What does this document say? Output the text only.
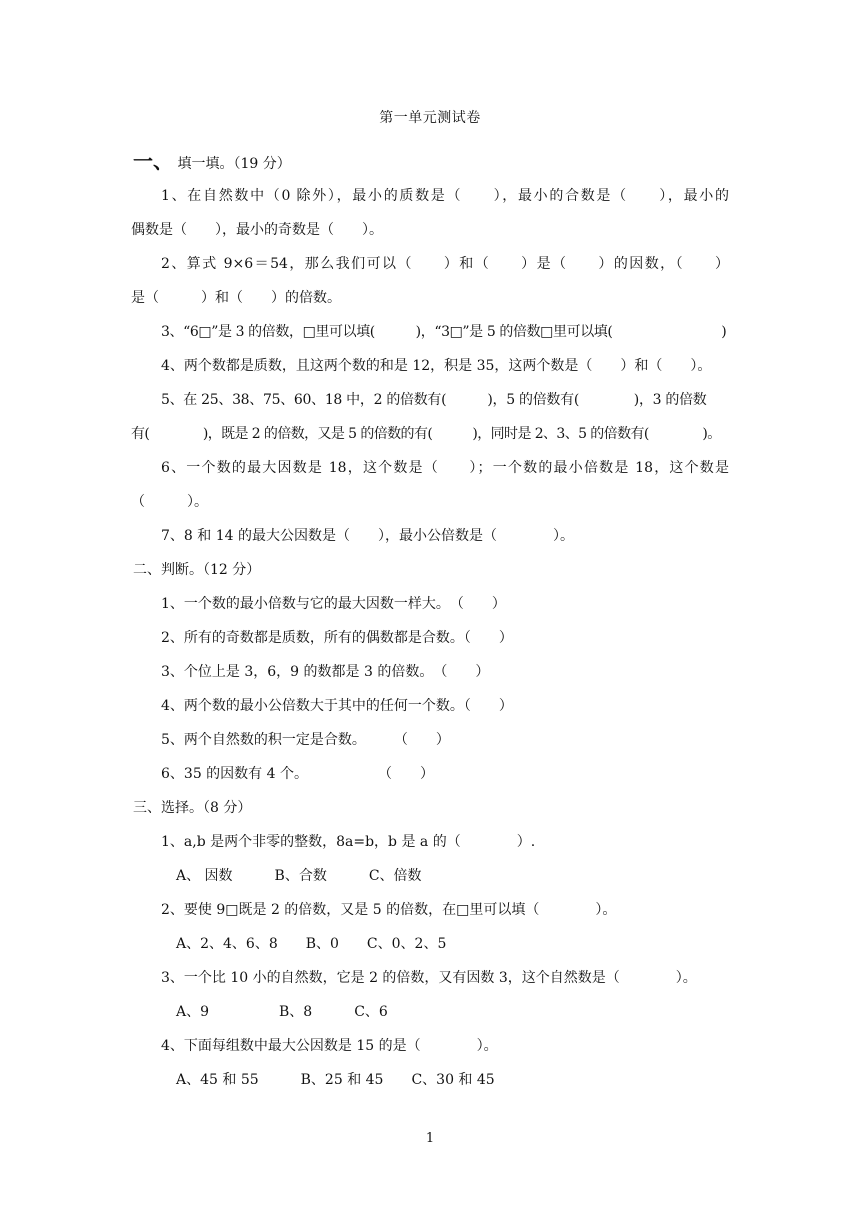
第一单元测试卷
一、 填一填。（19 分）
1、在自然数中（0 除外），最小的质数是（　　），最小的合数是（　　），最小的
偶数是（　　），最小的奇数是（　　）。
2、算式 9×6＝54，那么我们可以（　　）和（　　）是（　　）的因数，（　　）
是（　　　）和（　　）的倍数。
3、“6□”是 3 的倍数，□里可以填(　　　)，“3□”是 5 的倍数□里可以填(　　　　　　　　)
4、两个数都是质数，且这两个数的和是 12，积是 35，这两个数是（　　）和（　　）。
5、在 25、38、75、60、18 中，2 的倍数有(　　　)，5 的倍数有(　　　　)，3 的倍数
有(　　　　)，既是 2 的倍数，又是 5 的倍数的有(　　　)，同时是 2、3、5 的倍数有(　　　　)。
6、一个数的最大因数是 18，这个数是（　　）；一个数的最小倍数是 18，这个数是
（　　　）。
7、8 和 14 的最大公因数是（　　），最小公倍数是（　　　　）。
二、判断。（12 分）
1、一个数的最小倍数与它的最大因数一样大。　（　　）
2、所有的奇数都是质数，所有的偶数都是合数。（　　）
3、个位上是 3，6，9 的数都是 3 的倍数。　（　　）
4、两个数的最小公倍数大于其中的任何一个数。（　　）
5、两个自然数的积一定是合数。　　　（　　）
6、35 的因数有 4 个。　　　　　　（　　）
三、选择。（8 分）
1、a,b 是两个非零的整数，8a=b，b 是 a 的（　　　　）.
A、 因数　　　B、合数　　　C、倍数
2、要使 9□既是 2 的倍数，又是 5 的倍数，在□里可以填（　　　　）。
A、2、4、6、8　　B、0　　C、0、2、5
3、一个比 10 小的自然数，它是 2 的倍数，又有因数 3，这个自然数是（　　　　）。
A、9　　　　　B、8　　　C、6
4、下面每组数中最大公因数是 15 的是（　　　　）。
A、45 和 55　　　B、25 和 45　　C、30 和 45
1
